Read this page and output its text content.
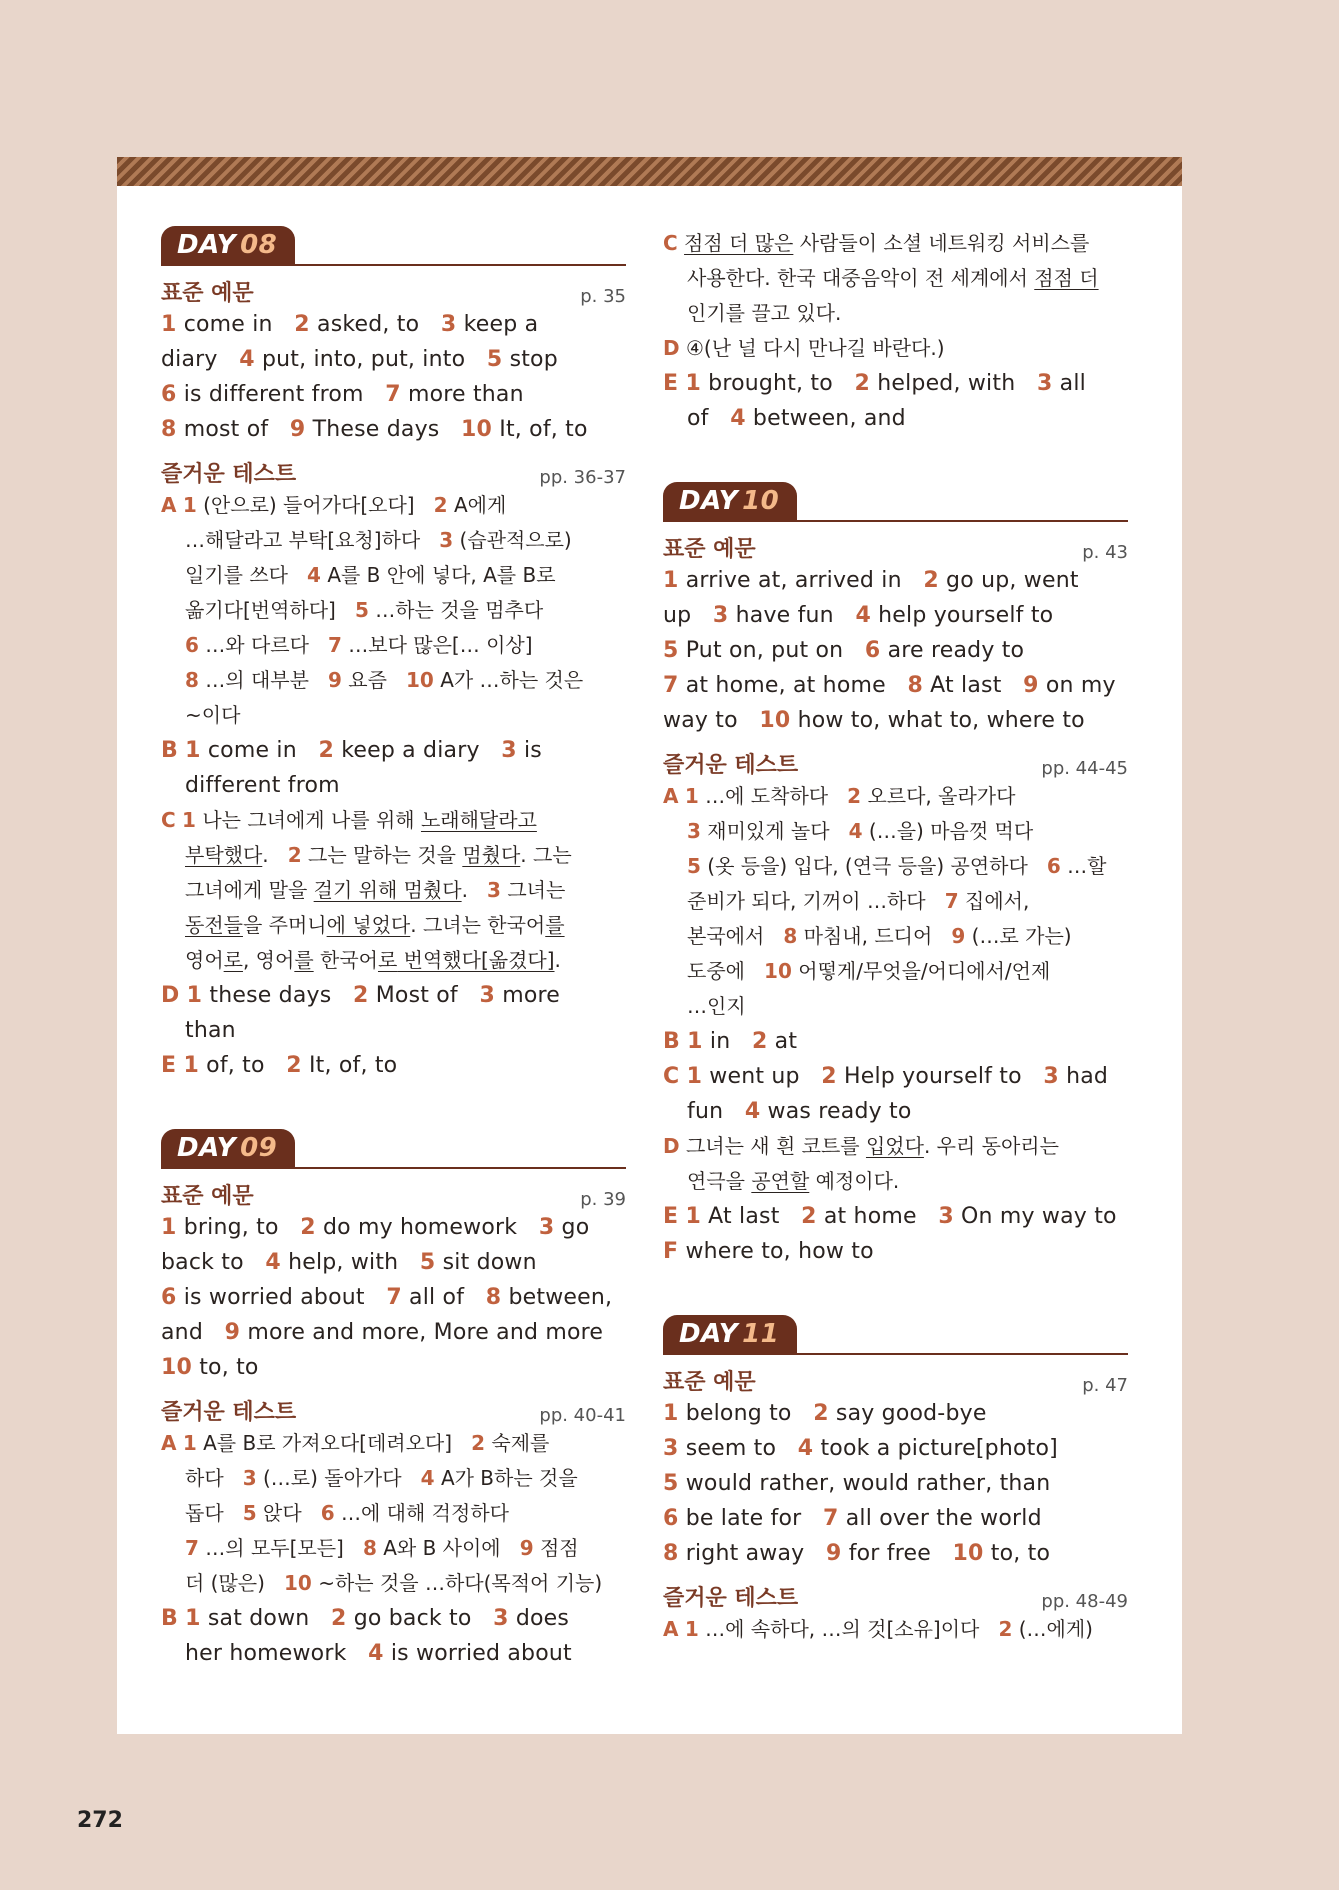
DAY 08
표준 예문	p. 35
1 come in 2 asked, to 3 keep a
diary 4 put, into, put, into 5 stop
6 is different from 7 more than
8 most of 9 These days 10 It, of, to
즐거운 테스트	pp. 36-37
A 1 (안으로) 들어가다[오다] 2 A에게
…해달라고 부탁[요청]하다 3 (습관적으로)
일기를 쓰다 4 A를 B 안에 넣다, A를 B로
옮기다[번역하다] 5 …하는 것을 멈추다
6 …와 다르다 7 …보다 많은[… 이상]
8 …의 대부분 9 요즘 10 A가 …하는 것은
~이다
B 1 come in 2 keep a diary 3 is
different from
C 1 나는 그녀에게 나를 위해 노래해달라고
부탁했다. 2 그는 말하는 것을 멈췄다. 그는
그녀에게 말을 걸기 위해 멈췄다. 3 그녀는
동전들을 주머니에 넣었다. 그녀는 한국어를
영어로, 영어를 한국어로 번역했다[옮겼다].
D 1 these days 2 Most of 3 more
than
E 1 of, to 2 It, of, to
DAY 09
표준 예문	p. 39
1 bring, to 2 do my homework 3 go
back to 4 help, with 5 sit down
6 is worried about 7 all of 8 between,
and 9 more and more, More and more
10 to, to
즐거운 테스트	pp. 40-41
A 1 A를 B로 가져오다[데려오다] 2 숙제를
하다 3 (…로) 돌아가다 4 A가 B하는 것을
돕다 5 앉다 6 …에 대해 걱정하다
7 …의 모두[모든] 8 A와 B 사이에 9 점점
더 (많은) 10 ~하는 것을 …하다(목적어 기능)
B 1 sat down 2 go back to 3 does
her homework 4 is worried about
C 점점 더 많은 사람들이 소셜 네트워킹 서비스를
사용한다. 한국 대중음악이 전 세계에서 점점 더
인기를 끌고 있다.
D ④(난 널 다시 만나길 바란다.)
E 1 brought, to 2 helped, with 3 all
of 4 between, and
DAY 10
표준 예문	p. 43
1 arrive at, arrived in 2 go up, went
up 3 have fun 4 help yourself to
5 Put on, put on 6 are ready to
7 at home, at home 8 At last 9 on my
way to 10 how to, what to, where to
즐거운 테스트	pp. 44-45
A 1 …에 도착하다 2 오르다, 올라가다
3 재미있게 놀다 4 (…을) 마음껏 먹다
5 (옷 등을) 입다, (연극 등을) 공연하다 6 …할
준비가 되다, 기꺼이 …하다 7 집에서,
본국에서 8 마침내, 드디어 9 (…로 가는)
도중에 10 어떻게/무엇을/어디에서/언제
…인지
B 1 in 2 at
C 1 went up 2 Help yourself to 3 had
fun 4 was ready to
D 그녀는 새 흰 코트를 입었다. 우리 동아리는
연극을 공연할 예정이다.
E 1 At last 2 at home 3 On my way to
F where to, how to
DAY 11
표준 예문	p. 47
1 belong to 2 say good-bye
3 seem to 4 took a picture[photo]
5 would rather, would rather, than
6 be late for 7 all over the world
8 right away 9 for free 10 to, to
즐거운 테스트	pp. 48-49
A 1 …에 속하다, …의 것[소유]이다 2 (…에게)
272
